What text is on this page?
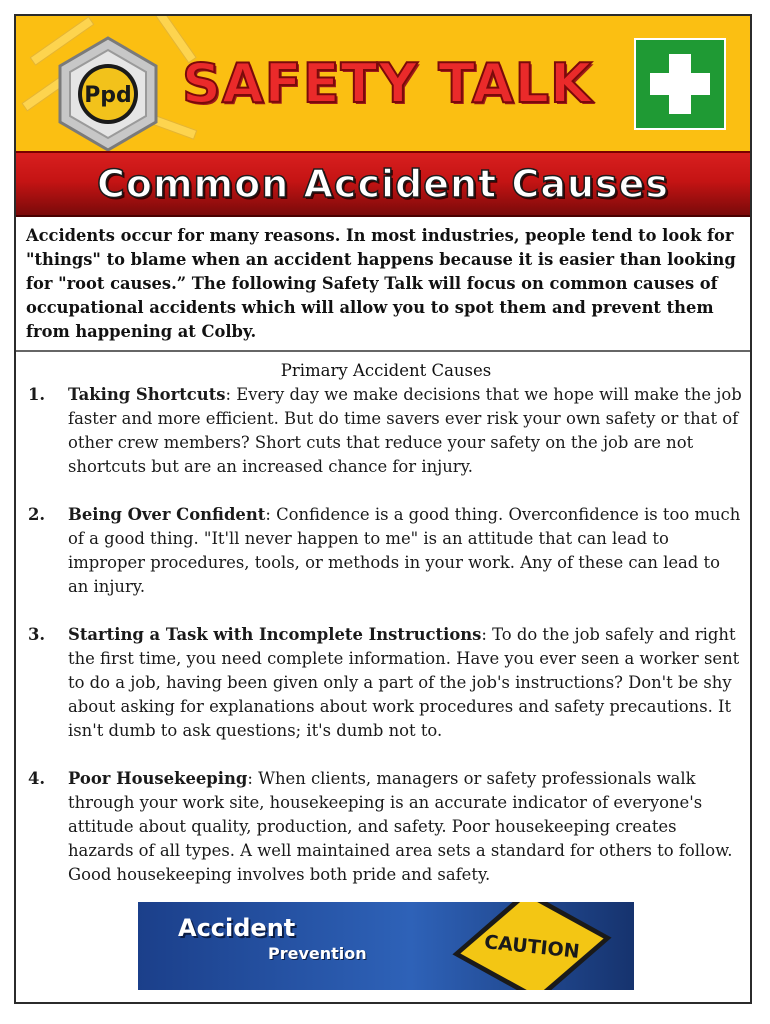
Ppd SAFETY TALK
Common Accident Causes
Accidents occur for many reasons. In most industries, people tend to look for "things" to blame when an accident happens because it is easier than looking for "root causes.” The following Safety Talk will focus on common causes of occupational accidents which will allow you to spot them and prevent them from happening at Colby.
Primary Accident Causes
1. Taking Shortcuts: Every day we make decisions that we hope will make the job faster and more efficient. But do time savers ever risk your own safety or that of other crew members? Short cuts that reduce your safety on the job are not shortcuts but are an increased chance for injury.
2. Being Over Confident: Confidence is a good thing. Overconfidence is too much of a good thing. "It'll never happen to me" is an attitude that can lead to improper procedures, tools, or methods in your work. Any of these can lead to an injury.
3. Starting a Task with Incomplete Instructions: To do the job safely and right the first time, you need complete information. Have you ever seen a worker sent to do a job, having been given only a part of the job's instructions? Don't be shy about asking for explanations about work procedures and safety precautions. It isn't dumb to ask questions; it's dumb not to.
4. Poor Housekeeping: When clients, managers or safety professionals walk through your work site, housekeeping is an accurate indicator of everyone's attitude about quality, production, and safety. Poor housekeeping creates hazards of all types. A well maintained area sets a standard for others to follow. Good housekeeping involves both pride and safety.
Accident
Prevention	CAUTION
